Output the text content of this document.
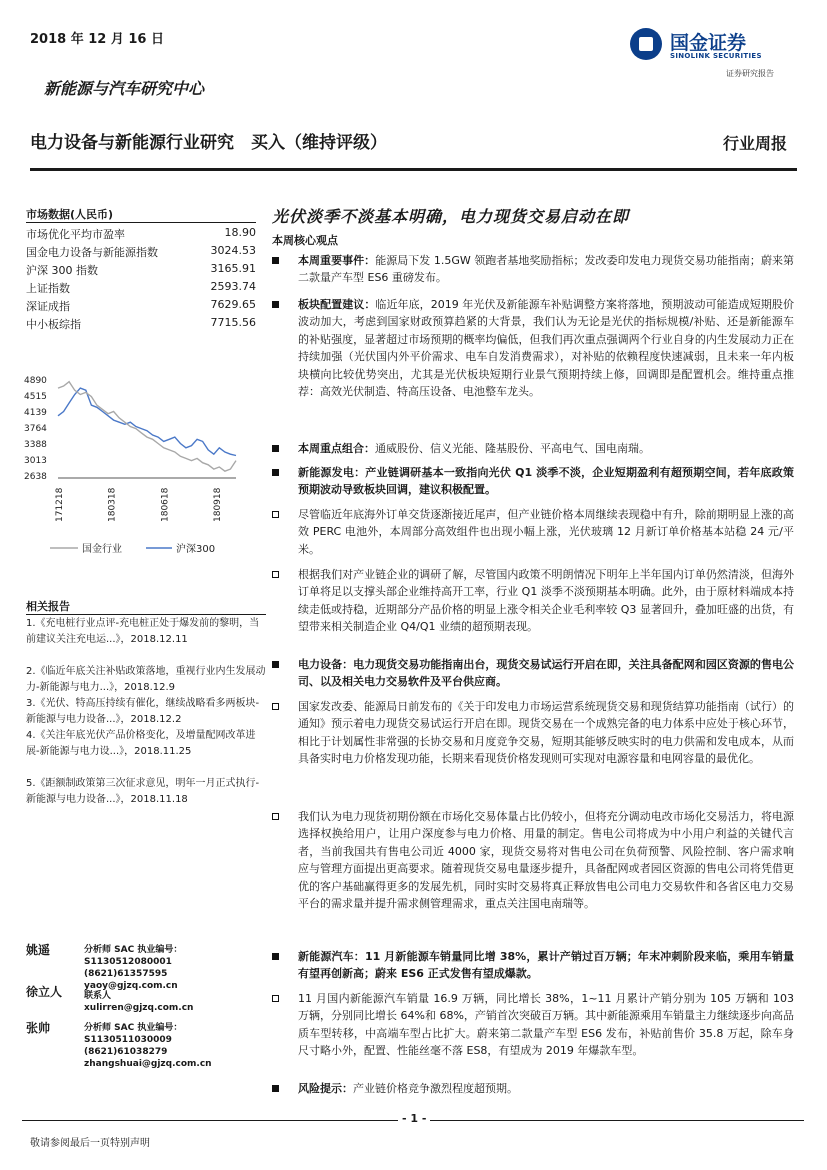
2018 年 12 月 16 日
新能源与汽车研究中心
国金证券
SINOLINK SECURITIES
证券研究报告
电力设备与新能源行业研究　买入（维持评级）	行业周报
市场数据(人民币)
市场优化平均市盈率	18.90
国金电力设备与新能源指数	3024.53
沪深 300 指数	3165.91
上证指数	2593.74
深证成指	7629.65
中小板综指	7715.56
4890
4515
4139
3764
3388
3013
2638
171218	180318	180618	180918
国金行业	沪深300
相关报告
1.《充电桩行业点评-充电桩正处于爆发前的黎明，当前建议关注充电运...》，2018.12.11
2.《临近年底关注补贴政策落地，重视行业内生发展动力-新能源与电力...》，2018.12.9
3.《光伏、特高压持续有催化，继续战略看多两板块-新能源与电力设备...》，2018.12.2
4.《关注年底光伏产品价格变化，及增量配网改革进展-新能源与电力设...》，2018.11.25
5.《距额制政策第三次征求意见，明年一月正式执行-新能源与电力设备...》，2018.11.18
姚遥	分析师 SAC 执业编号：S1130512080001
(8621)61357595
yaoy@gjzq.com.cn
徐立人 联系人
xulirren@gjzq.com.cn
张帅	分析师 SAC 执业编号：S1130511030009
(8621)61038279
zhangshuai@gjzq.com.cn
光伏淡季不淡基本明确，电力现货交易启动在即
本周核心观点
本周重要事件：能源局下发 1.5GW 领跑者基地奖励指标；发改委印发电力现货交易功能指南；蔚来第二款量产车型 ES6 重磅发布。
板块配置建议：临近年底，2019 年光伏及新能源车补贴调整方案将落地，预期波动可能造成短期股价波动加大，考虑到国家财政预算趋紧的大背景，我们认为无论是光伏的指标规模/补贴、还是新能源车的补贴强度，显著超过市场预期的概率均偏低，但我们再次重点强调两个行业自身的内生发展动力正在持续加强（光伏国内外平价需求、电车自发消费需求），对补贴的依赖程度快速减弱，且未来一年内板块横向比较优势突出，尤其是光伏板块短期行业景气预期持续上修，回调即是配置机会。维持重点推荐：高效光伏制造、特高压设备、电池整车龙头。
本周重点组合：通威股份、信义光能、隆基股份、平高电气、国电南瑞。
新能源发电：产业链调研基本一致指向光伏 Q1 淡季不淡，企业短期盈利有超预期空间，若年底政策预期波动导致板块回调，建议积极配置。
尽管临近年底海外订单交货逐渐接近尾声，但产业链价格本周继续表现稳中有升，除前期明显上涨的高效 PERC 电池外，本周部分高效组件也出现小幅上涨，光伏玻璃 12 月新订单价格基本站稳 24 元/平米。
根据我们对产业链企业的调研了解，尽管国内政策不明朗情况下明年上半年国内订单仍然清淡，但海外订单将足以支撑头部企业维持高开工率，行业 Q1 淡季不淡预期基本明确。此外，由于原材料端成本持续走低或持稳，近期部分产品价格的明显上涨令相关企业毛利率较 Q3 显著回升，叠加旺盛的出货，有望带来相关制造企业 Q4/Q1 业绩的超预期表现。
电力设备：电力现货交易功能指南出台，现货交易试运行开启在即，关注具备配网和园区资源的售电公司、以及相关电力交易软件及平台供应商。
国家发改委、能源局日前发布的《关于印发电力市场运营系统现货交易和现货结算功能指南（试行）的通知》预示着电力现货交易试运行开启在即。现货交易在一个成熟完备的电力体系中应处于核心环节，相比于计划属性非常强的长协交易和月度竞争交易，短期其能够反映实时的电力供需和发电成本，从而具备实时电力价格发现功能，长期来看现货价格发现则可实现对电源容量和电网容量的最优化。
我们认为电力现货初期份额在市场化交易体量占比仍较小，但将充分调动电改市场化交易活力，将电源选择权换给用户，让用户深度参与电力价格、用量的制定。售电公司将成为中小用户利益的关键代言者，当前我国共有售电公司近 4000 家，现货交易将对售电公司在负荷预警、风险控制、客户需求响应与管理方面提出更高要求。随着现货交易电量逐步提升，具备配网或者园区资源的售电公司将凭借更优的客户基础赢得更多的发展先机，同时实时交易将真正释放售电公司电力交易软件和各省区电力交易平台的需求量并提升需求侧管理需求，重点关注国电南瑞等。
新能源汽车：11 月新能源车销量同比增 38%，累计产销过百万辆；年末冲刺阶段来临，乘用车销量有望再创新高；蔚来 ES6 正式发售有望成爆款。
11 月国内新能源汽车销量 16.9 万辆，同比增长 38%，1~11 月累计产销分别为 105 万辆和 103 万辆，分别同比增长 64%和 68%，产销首次突破百万辆。其中新能源乘用车销量主力继续逐步向高品质车型转移，中高端车型占比扩大。蔚来第二款量产车型 ES6 发布，补贴前售价 35.8 万起，除车身尺寸略小外，配置、性能丝毫不落 ES8，有望成为 2019 年爆款车型。
风险提示：产业链价格竞争激烈程度超预期。
- 1 -
敬请参阅最后一页特别声明
